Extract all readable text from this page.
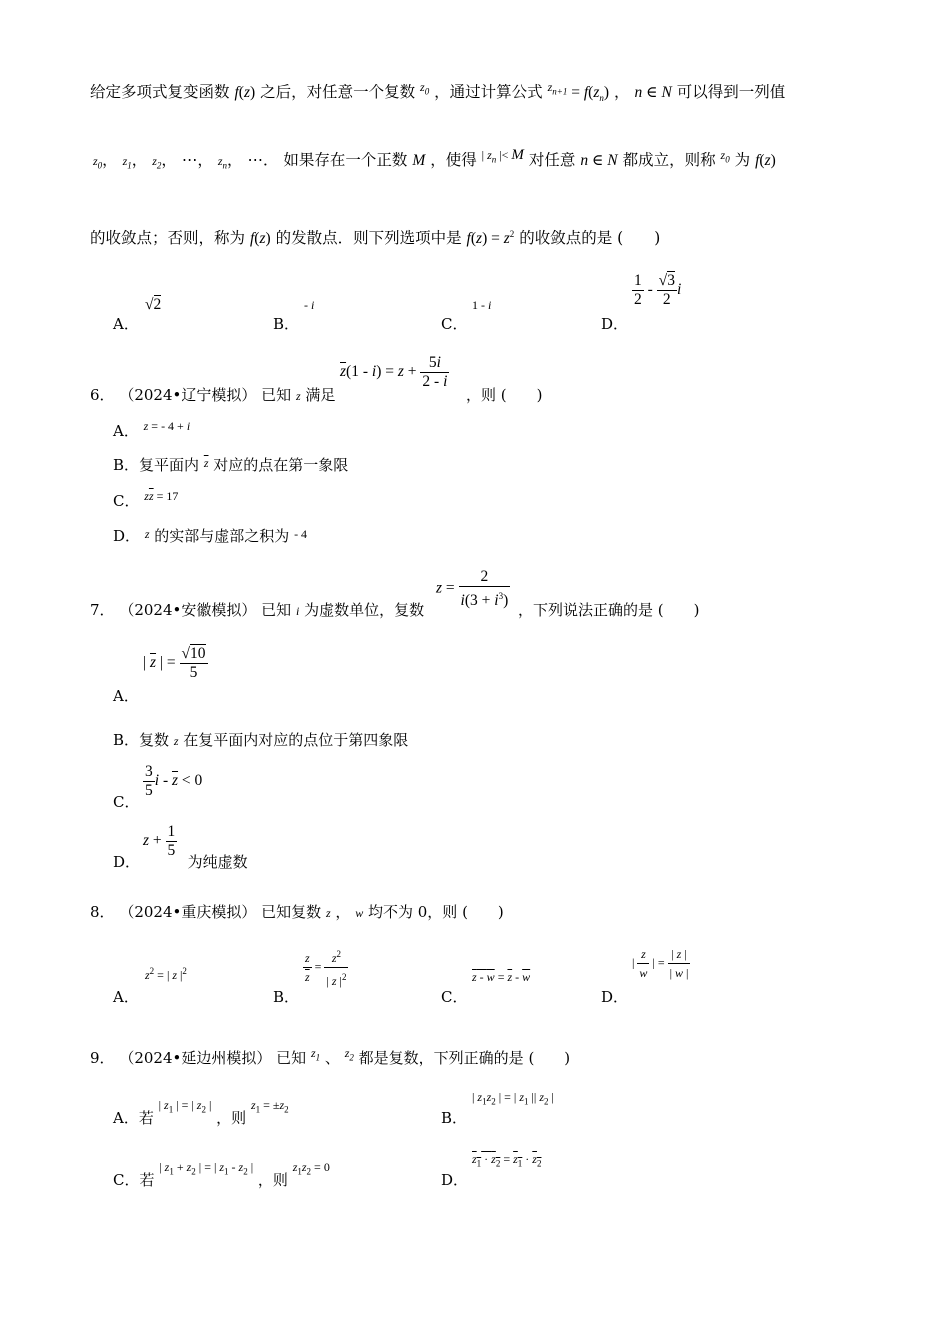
给定多项式复变函数 f(z) 之后，对任意一个复数 $^{z_0}$ ，通过计算公式 $^{z_{n+1}} = f(z_n)$ ， n ∈ N 可以得到一列值
$z_0$， $z_1$， $z_2$， ⋯， $z_n$， ⋯． 如果存在一个正数 M ，使得 $^{| z_n |< M}$ 对任意 n ∈ N 都成立，则称 $^{z_0}$ 为 f(z)
的收敛点；否则，称为 f(z) 的发散点．则下列选项中是 $f(z) = z^2$ 的收敛点的是 (　　)
A．
√2
B．
- i
C．
1 - i
D．
$\frac{1}{2} - \frac{√3}{2}$ i
6． （2024•辽宁模拟） 已知 z 满足
$\overline{z}(1 - i) = z + \frac{5i}{2 - i}$
，则 (　　)
A． $^{z = - 4 + i}$
B．复平面内 $^{\overline{z}}$ 对应的点在第一象限
C． $^{z\overline{z} = 17}$
D． $^z$ 的实部与虚部之积为 $^{- 4}$
7． （2024•安徽模拟） 已知 i 为虚数单位，复数
$z = \frac{2}{i(3 + i^3)}$ ，下列说法正确的是 (　　)
| $\overline{z}$ | = $\frac{√10}{5}$
A．
B．复数 z 在复平面内对应的点位于第四象限
$\frac{3}{5}$ $i - \overline{z} < 0$
C．
$z + \frac{1}{5}$
D．	为纯虚数
8． （2024•重庆模拟） 已知复数 z ， w 均不为 0，则 (　　)
A．
$z^2$ = | z $|^2$
B．
$\frac{z}{z} = \frac{z^2}{| z |^2}$
C．
$z - w = \overline{z} - \overline{w}$
D．
| $\frac{z}{w}$ | = $\frac{| z |}{| w |}$
9． （2024•延边州模拟） 已知 $^{z_1}$ 、 $^{z_2}$ 都是复数，下列正确的是 (　　)
A．若 $^{| z_1 | = | z_2 |}$ ，则 $^{z_1 = \pm z_2}$	B．
| $z_1z_2$ | = | $z_1$ || $z_2$ |
C．若 $^{| z_1 + z_2 | = | z_1 - z_2 |}$ ，则 $^{z_1z_2 = 0}$
D．
$z_1 \cdot z_2 = z_1 \cdot z_2$
